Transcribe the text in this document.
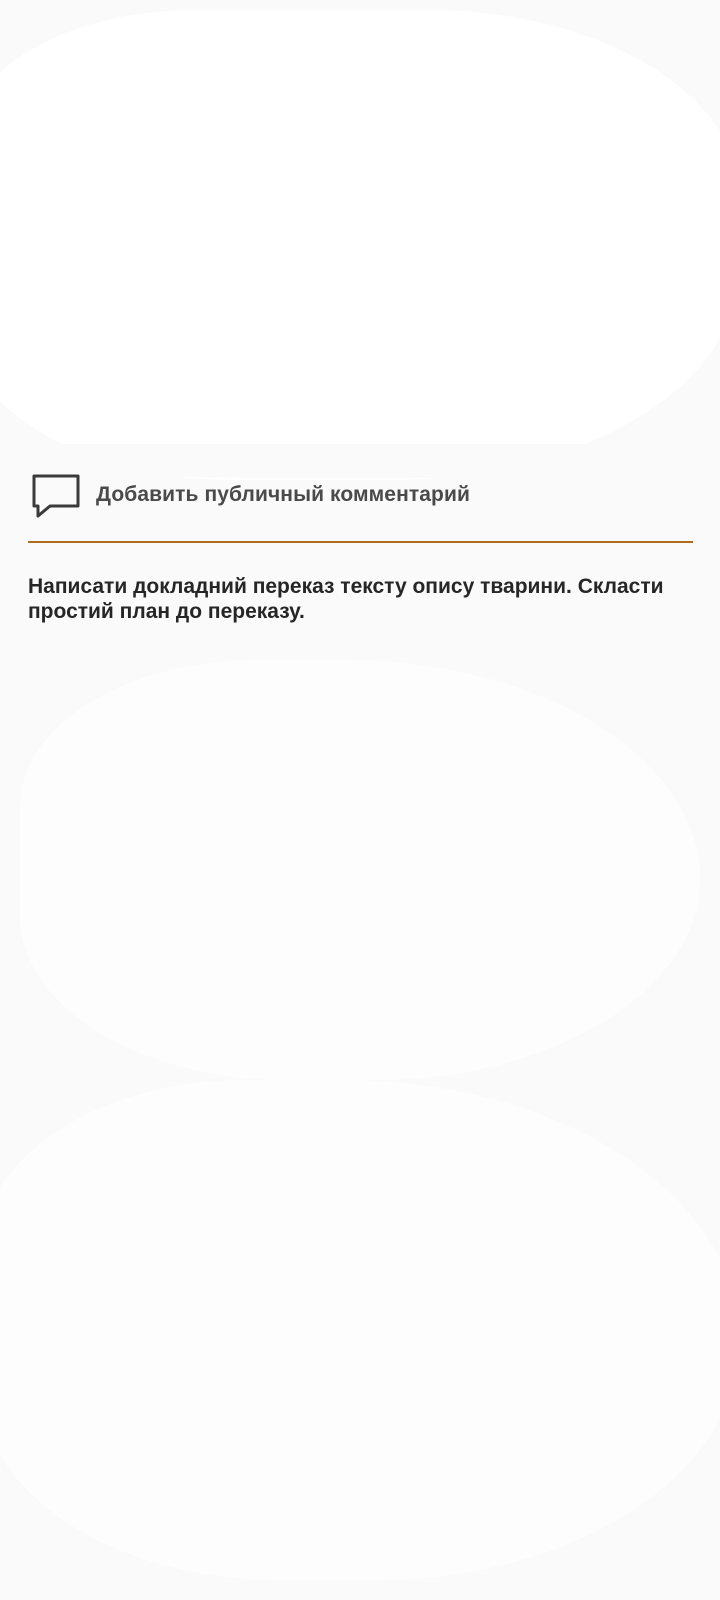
Добавить публичный комментарий

Написати докладний переказ тексту опису тварини. Скласти простий план до переказу.
